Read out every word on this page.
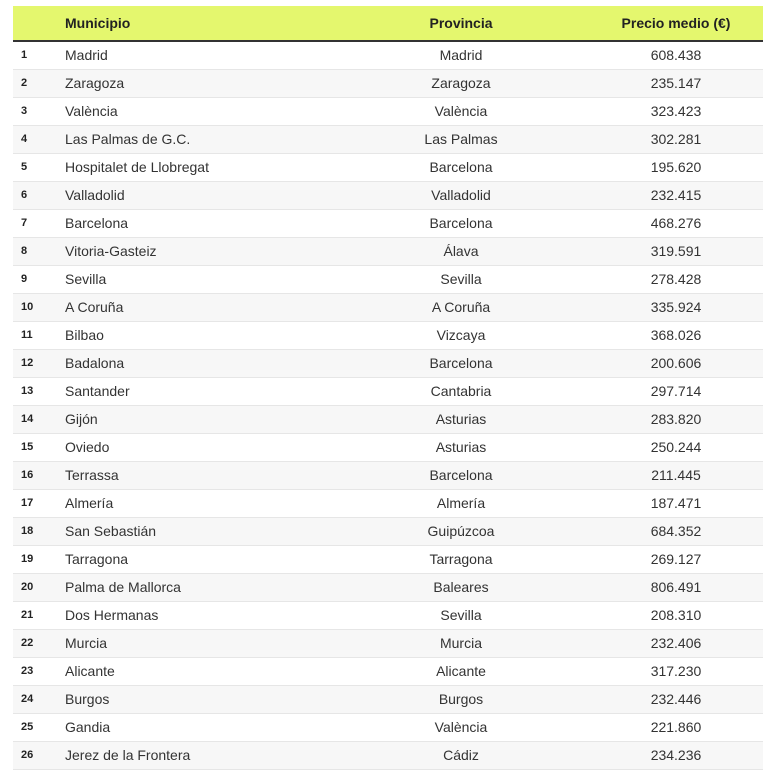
	Municipio	Provincia	Precio medio (€)
1	Madrid	Madrid	608.438
2	Zaragoza	Zaragoza	235.147
3	València	València	323.423
4	Las Palmas de G.C.	Las Palmas	302.281
5	Hospitalet de Llobregat	Barcelona	195.620
6	Valladolid	Valladolid	232.415
7	Barcelona	Barcelona	468.276
8	Vitoria-Gasteiz	Álava	319.591
9	Sevilla	Sevilla	278.428
10	A Coruña	A Coruña	335.924
11	Bilbao	Vizcaya	368.026
12	Badalona	Barcelona	200.606
13	Santander	Cantabria	297.714
14	Gijón	Asturias	283.820
15	Oviedo	Asturias	250.244
16	Terrassa	Barcelona	211.445
17	Almería	Almería	187.471
18	San Sebastián	Guipúzcoa	684.352
19	Tarragona	Tarragona	269.127
20	Palma de Mallorca	Baleares	806.491
21	Dos Hermanas	Sevilla	208.310
22	Murcia	Murcia	232.406
23	Alicante	Alicante	317.230
24	Burgos	Burgos	232.446
25	Gandia	València	221.860
26	Jerez de la Frontera	Cádiz	234.236
